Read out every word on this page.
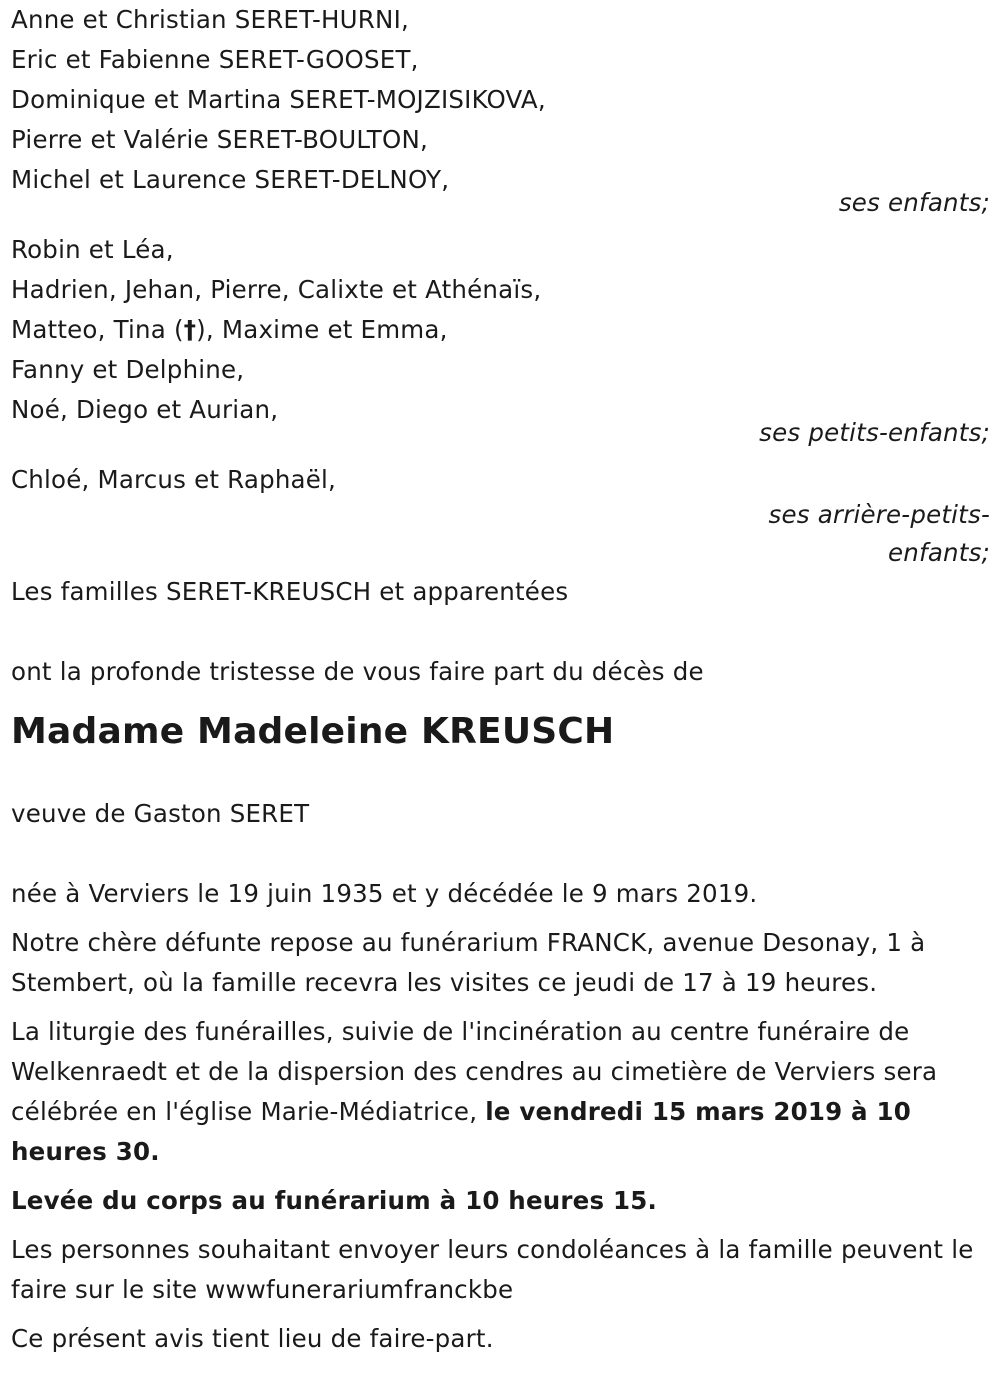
Anne et Christian SERET-HURNI,
Eric et Fabienne SERET-GOOSET,
Dominique et Martina SERET-MOJZISIKOVA,
Pierre et Valérie SERET-BOULTON,
Michel et Laurence SERET-DELNOY,
ses enfants;
Robin et Léa,
Hadrien, Jehan, Pierre, Calixte et Athénaïs,
Matteo, Tina (†), Maxime et Emma,
Fanny et Delphine,
Noé, Diego et Aurian,
ses petits-enfants;
Chloé, Marcus et Raphaël,
ses arrière-petits-
enfants;
Les familles SERET-KREUSCH et apparentées
ont la profonde tristesse de vous faire part du décès de
Madame Madeleine KREUSCH
veuve de Gaston SERET
née à Verviers le 19 juin 1935 et y décédée le 9 mars 2019.
Notre chère défunte repose au funérarium FRANCK, avenue Desonay, 1 à Stembert, où la famille recevra les visites ce jeudi de 17 à 19 heures.
La liturgie des funérailles, suivie de l'incinération au centre funéraire de Welkenraedt et de la dispersion des cendres au cimetière de Verviers sera célébrée en l'église Marie-Médiatrice, le vendredi 15 mars 2019 à 10 heures 30.
Levée du corps au funérarium à 10 heures 15.
Les personnes souhaitant envoyer leurs condoléances à la famille peuvent le faire sur le site wwwfunerariumfranckbe
Ce présent avis tient lieu de faire-part.
